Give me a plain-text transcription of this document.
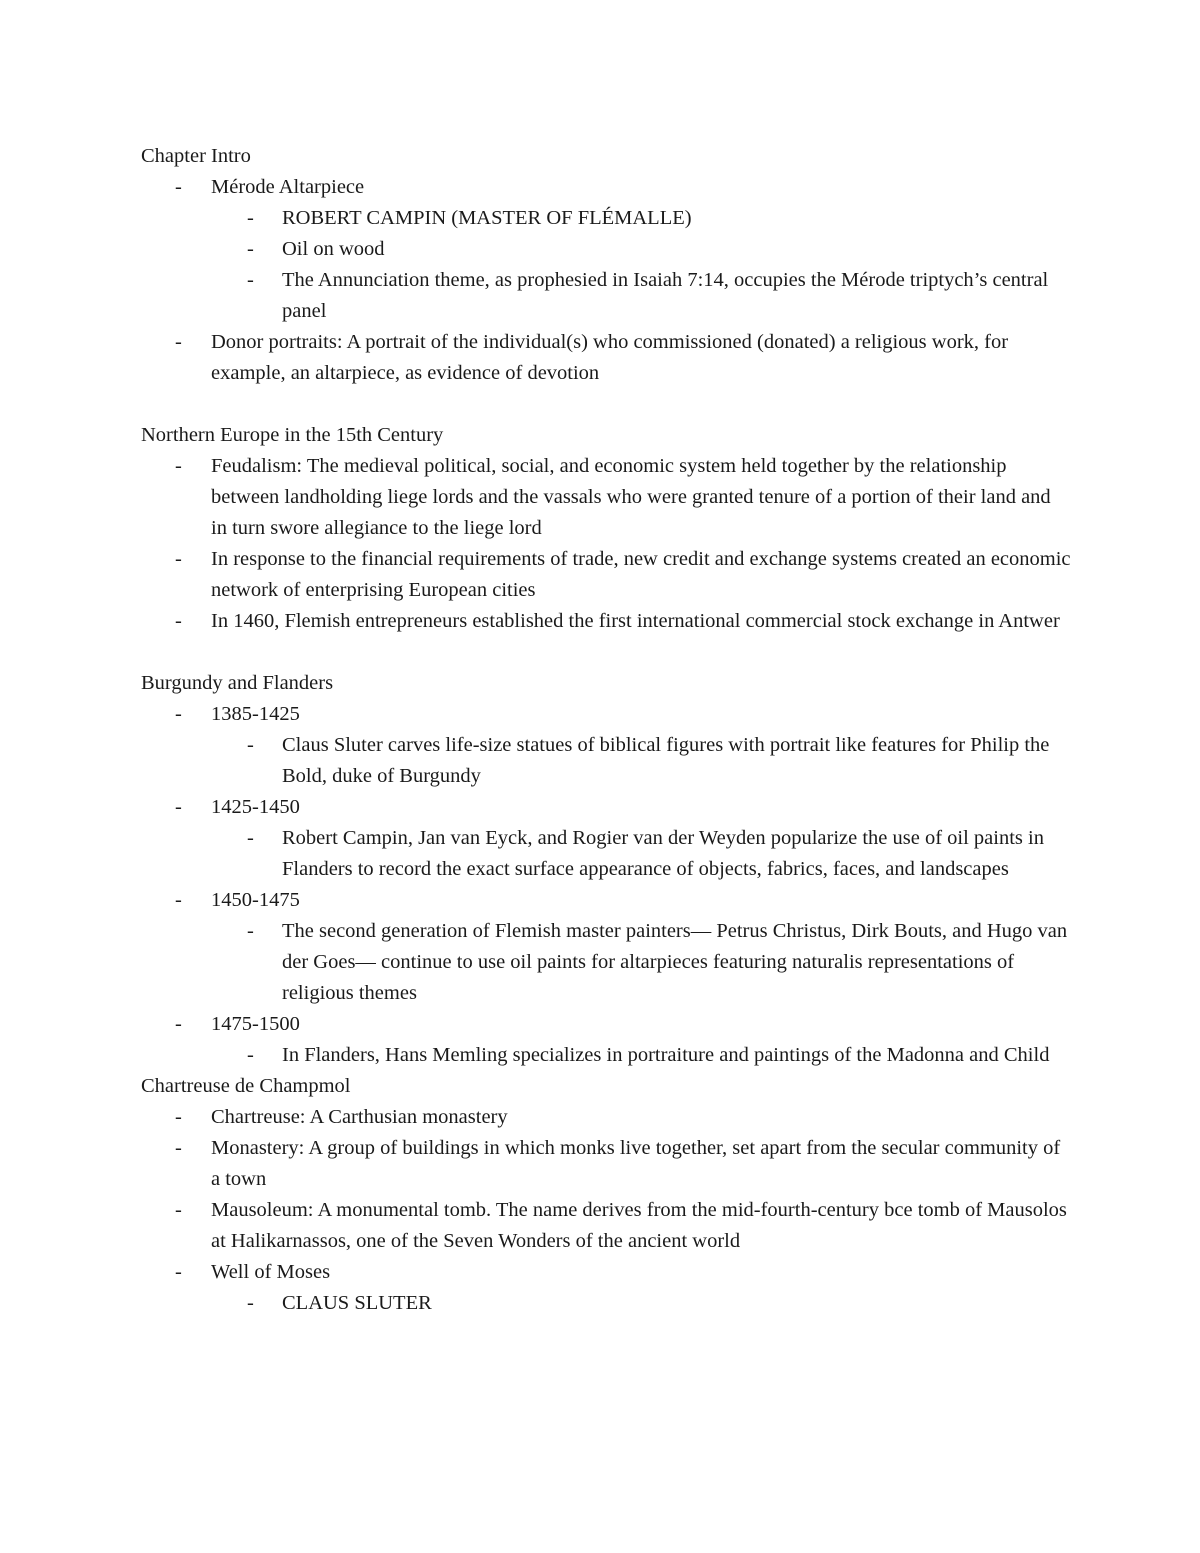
Chapter Intro
- Mérode Altarpiece
- ROBERT CAMPIN (MASTER OF FLÉMALLE)
- Oil on wood
- The Annunciation theme, as prophesied in Isaiah 7:14, occupies the Mérode triptych’s central panel
- Donor portraits: A portrait of the individual(s) who commissioned (donated) a religious work, for example, an altarpiece, as evidence of devotion
Northern Europe in the 15th Century
- Feudalism: The medieval political, social, and economic system held together by the relationship between landholding liege lords and the vassals who were granted tenure of a portion of their land and in turn swore allegiance to the liege lord
- In response to the financial requirements of trade, new credit and exchange systems created an economic network of enterprising European cities
- In 1460, Flemish entrepreneurs established the first international commercial stock exchange in Antwer
Burgundy and Flanders
- 1385-1425
- Claus Sluter carves life-size statues of biblical figures with portrait like features for Philip the Bold, duke of Burgundy
- 1425-1450
- Robert Campin, Jan van Eyck, and Rogier van der Weyden popularize the use of oil paints in Flanders to record the exact surface appearance of objects, fabrics, faces, and landscapes
- 1450-1475
- The second generation of Flemish master painters— Petrus Christus, Dirk Bouts, and Hugo van der Goes— continue to use oil paints for altarpieces featuring naturalis representations of religious themes
- 1475-1500
- In Flanders, Hans Memling specializes in portraiture and paintings of the Madonna and Child
Chartreuse de Champmol
- Chartreuse: A Carthusian monastery
- Monastery: A group of buildings in which monks live together, set apart from the secular community of a town
- Mausoleum: A monumental tomb. The name derives from the mid-fourth-century bce tomb of Mausolos at Halikarnassos, one of the Seven Wonders of the ancient world
- Well of Moses
- CLAUS SLUTER
